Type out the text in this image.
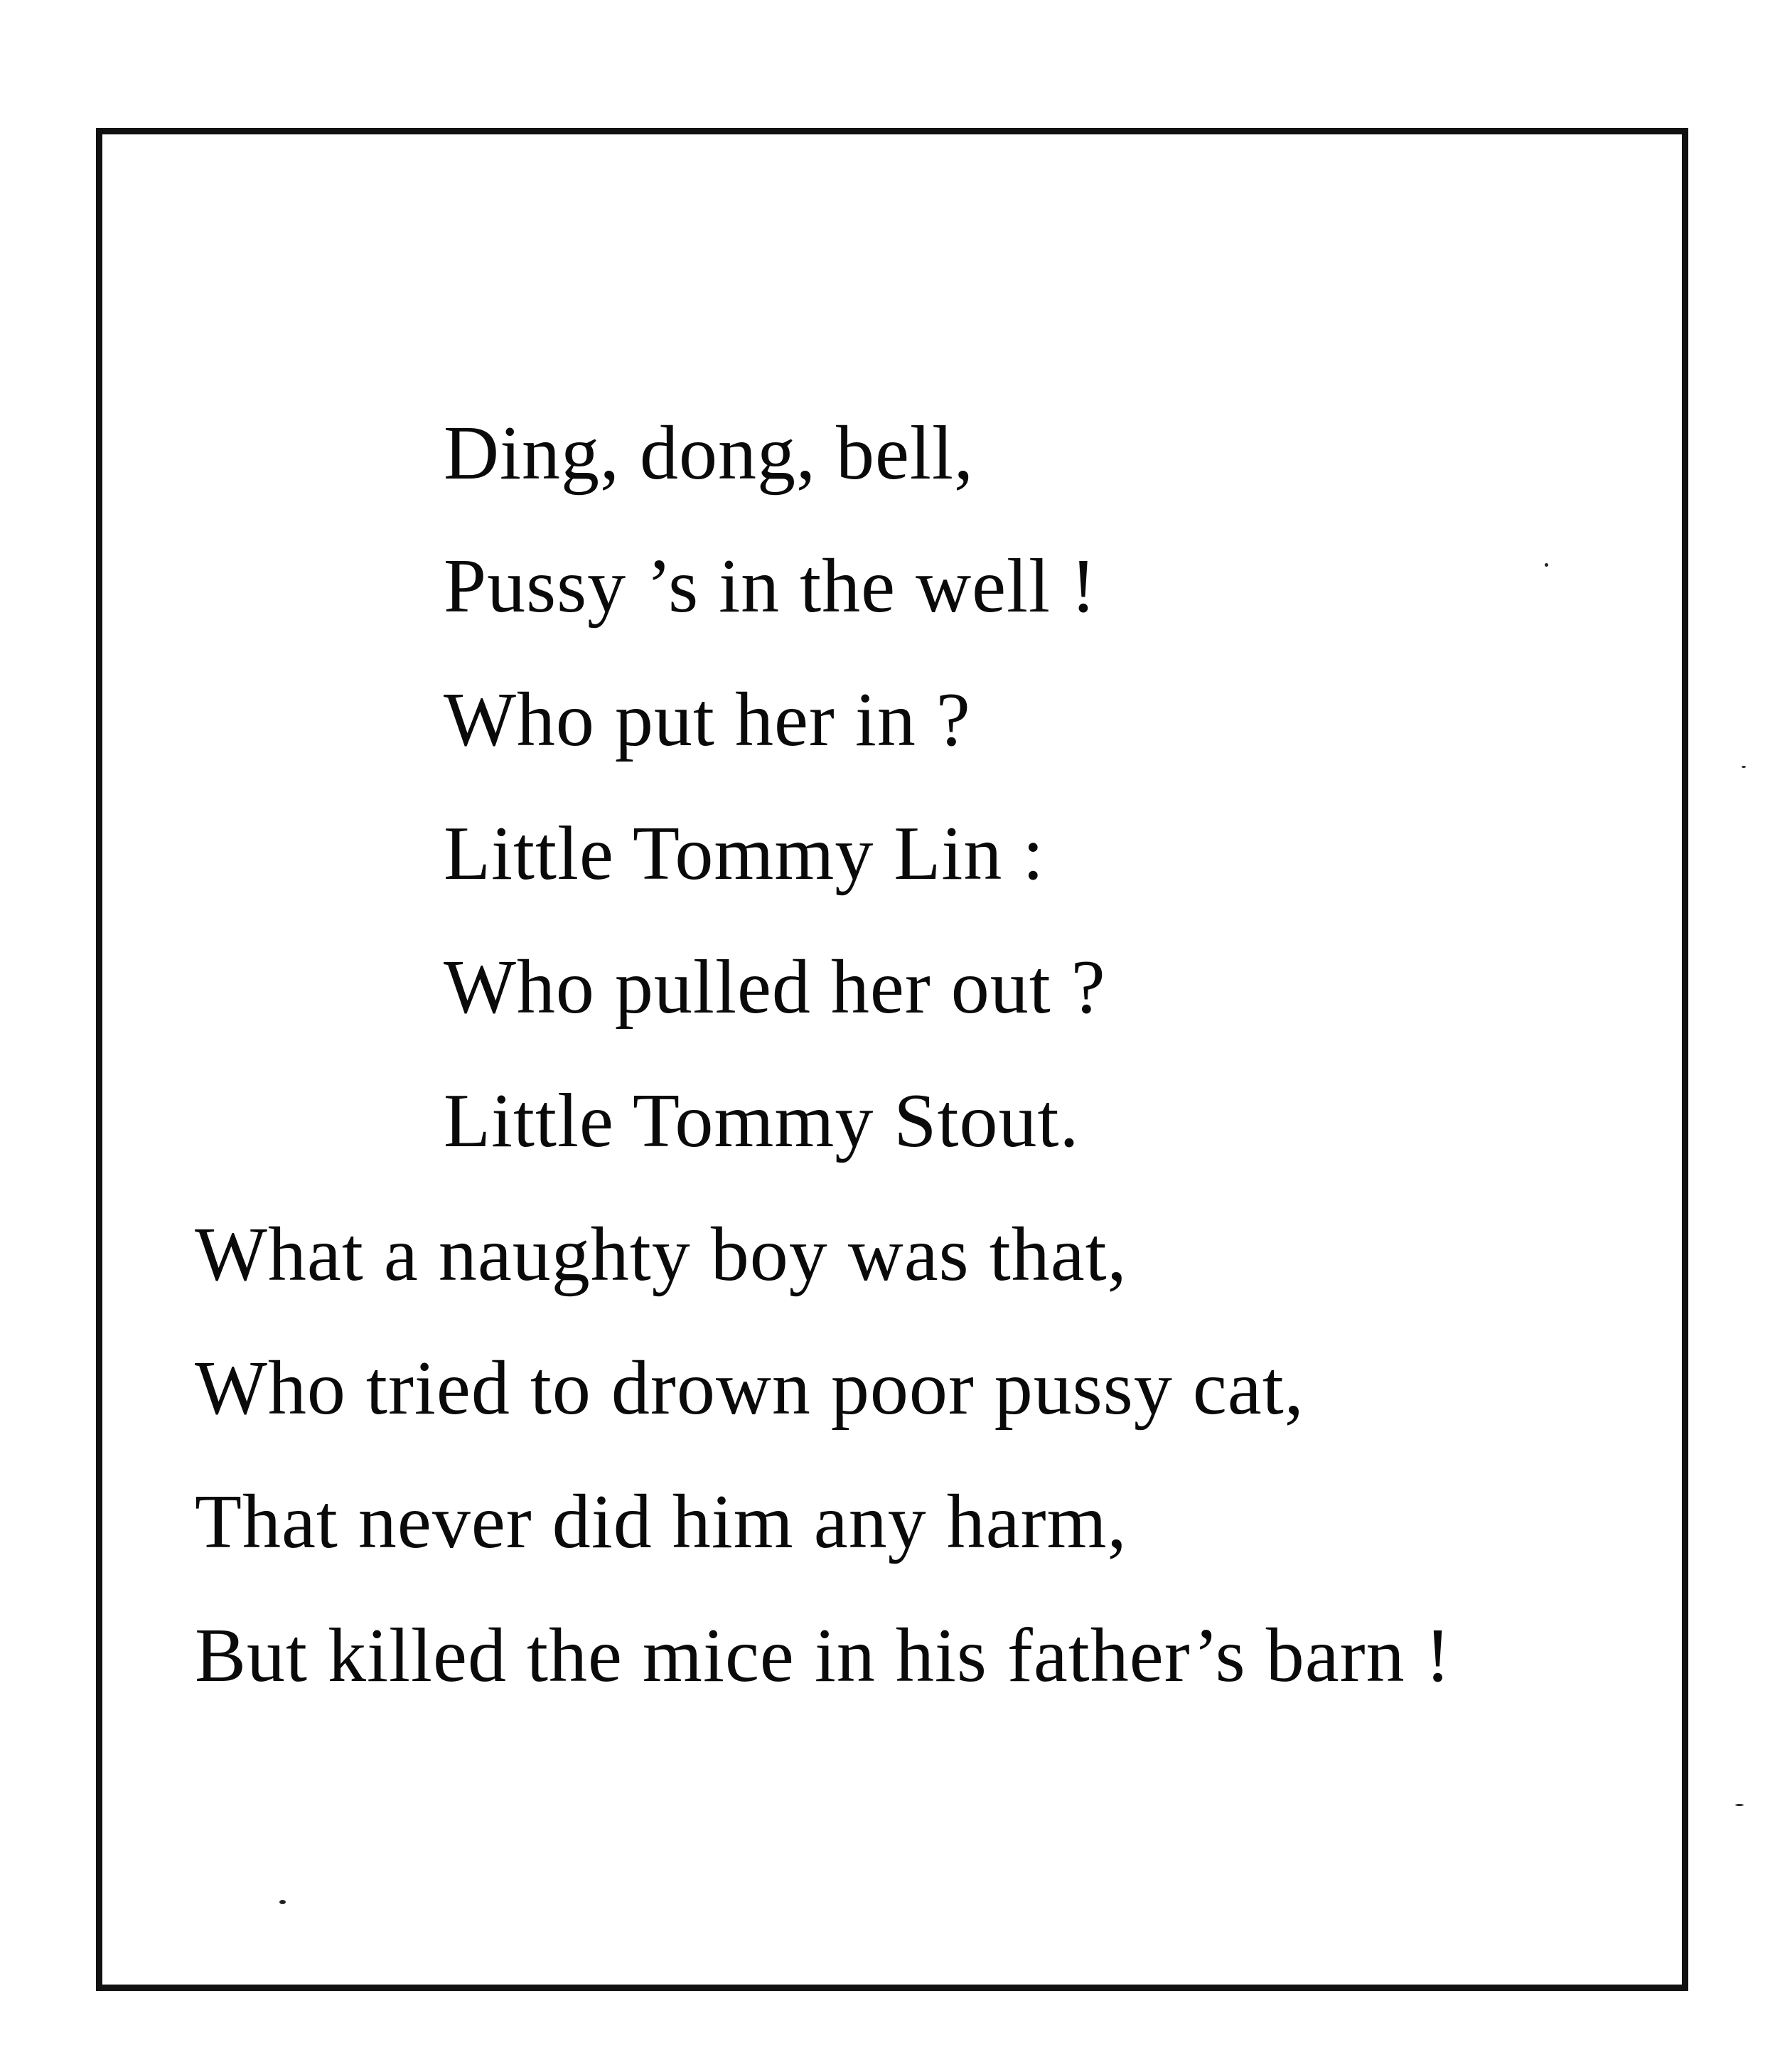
Ding, dong, bell,

Pussy ’s in the well !

Who put her in ?

Little Tommy Lin :

Who pulled her out ?

Little Tommy Stout.

What a naughty boy was that,

Who tried to drown poor pussy cat,

That never did him any harm,

But killed the mice in his father’s barn !
